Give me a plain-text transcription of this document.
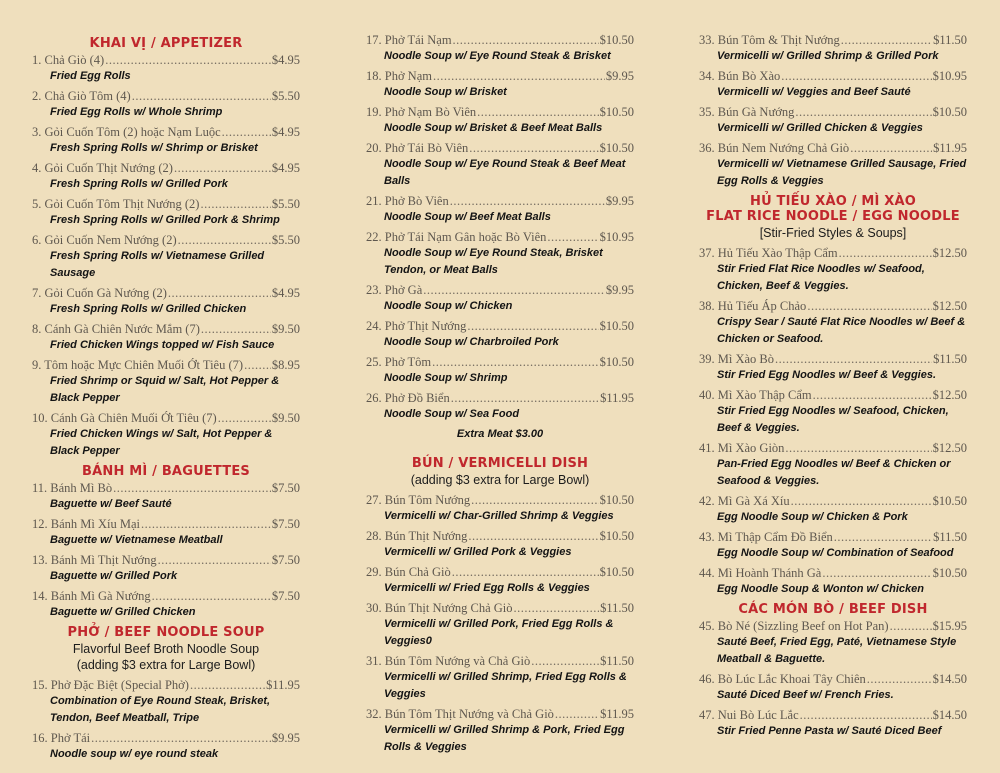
KHAI VỊ / APPETIZER
1. Chả Giò (4) .....	$4.95
Fried Egg Rolls
2. Chả Giò Tôm (4) .....	$5.50
Fried Egg Rolls w/ Whole Shrimp
3. Gỏi Cuốn Tôm (2) hoặc Nạm Luộc .....	$4.95
Fresh Spring Rolls w/ Shrimp or Brisket
4. Gỏi Cuốn Thịt Nướng (2) .....	$4.95
Fresh Spring Rolls w/ Grilled Pork
5. Gỏi Cuốn Tôm Thịt Nướng (2) .....	$5.50
Fresh Spring Rolls w/ Grilled Pork & Shrimp
6. Gỏi Cuốn Nem Nướng (2) .....	$5.50
Fresh Spring Rolls w/ Vietnamese Grilled Sausage
7. Gỏi Cuốn Gà Nướng (2) .....	$4.95
Fresh Spring Rolls w/ Grilled Chicken
8. Cánh Gà Chiên Nước Mắm (7) .....	$9.50
Fried Chicken Wings topped w/ Fish Sauce
9. Tôm hoặc Mực Chiên Muối Ớt Tiêu (7) ..... $8.95
Fried Shrimp or Squid w/ Salt, Hot Pepper & Black Pepper
10. Cánh Gà Chiên Muối Ớt Tiêu (7) .....	$9.50
Fried Chicken Wings w/ Salt, Hot Pepper & Black Pepper
BÁNH MÌ / BAGUETTES
11. Bánh Mì Bò .....	$7.50
Baguette w/ Beef Sauté
12. Bánh Mì Xíu Mại .....	$7.50
Baguette w/ Vietnamese Meatball
13. Bánh Mì Thịt Nướng .....	$7.50
Baguette w/ Grilled Pork
14. Bánh Mì Gà Nướng .....	$7.50
Baguette w/ Grilled Chicken
PHỞ / BEEF NOODLE SOUP
Flavorful Beef Broth Noodle Soup
(adding $3 extra for Large Bowl)
15. Phở Đặc Biệt (Special Phở) .....	$11.95
Combination of Eye Round Steak, Brisket, Tendon, Beef Meatball, Tripe
16. Phở Tái .....	$9.95
Noodle soup w/ eye round steak
17. Phở Tái Nạm .....	$10.50
Noodle Soup w/ Eye Round Steak & Brisket
18. Phở Nạm .....	$9.95
Noodle Soup w/ Brisket
19. Phở Nạm Bò Viên .....	$10.50
Noodle Soup w/ Brisket & Beef Meat Balls
20. Phở Tái Bò Viên .....	$10.50
Noodle Soup w/ Eye Round Steak & Beef Meat Balls
21. Phở Bò Viên .....	$9.95
Noodle Soup w/ Beef Meat Balls
22. Phở Tái Nạm Gân hoặc Bò Viên .....	$10.95
Noodle Soup w/ Eye Round Steak, Brisket Tendon, or Meat Balls
23. Phở Gà .....	$9.95
Noodle Soup w/ Chicken
24. Phở Thịt Nướng .....	$10.50
Noodle Soup w/ Charbroiled Pork
25. Phở Tôm .....	$10.50
Noodle Soup w/ Shrimp
26. Phở Đồ Biển .....	$11.95
Noodle Soup w/ Sea Food
Extra Meat $3.00
BÚN / VERMICELLI DISH
(adding $3 extra for Large Bowl)
27. Bún Tôm Nướng .....	$10.50
Vermicelli w/ Char-Grilled Shrimp & Veggies
28. Bún Thịt Nướng .....	$10.50
Vermicelli w/ Grilled Pork & Veggies
29. Bún Chả Giò .....	$10.50
Vermicelli w/ Fried Egg Rolls & Veggies
30. Bún Thịt Nướng Chả Giò .....	$11.50
Vermicelli w/ Grilled Pork, Fried Egg Rolls & Veggies0
31. Bún Tôm Nướng và Chả Giò .....	$11.50
Vermicelli w/ Grilled Shrimp, Fried Egg Rolls & Veggies
32. Bún Tôm Thịt Nướng và Chả Giò .....	$11.95
Vermicelli w/ Grilled Shrimp & Pork, Fried Egg Rolls & Veggies
33. Bún Tôm & Thịt Nướng .....	$11.50
Vermicelli w/ Grilled Shrimp & Grilled Pork
34. Bún Bò Xào .....	$10.95
Vermicelli w/ Veggies and Beef Sauté
35. Bún Gà Nướng .....	$10.50
Vermicelli w/ Grilled Chicken & Veggies
36. Bún Nem Nướng Chả Giò .....	$11.95
Vermicelli w/ Vietnamese Grilled Sausage, Fried Egg Rolls & Veggies
HỦ TIẾU XÀO / MÌ XÀO
FLAT RICE NOODLE / EGG NOODLE
[Stir-Fried Styles & Soups]
37. Hủ Tiếu Xào Thập Cẩm .....	$12.50
Stir Fried Flat Rice Noodles w/ Seafood, Chicken, Beef & Veggies.
38. Hủ Tiếu Áp Chảo .....	$12.50
Crispy Sear / Sauté Flat Rice Noodles w/ Beef & Chicken or Seafood.
39. Mì Xào Bò .....	$11.50
Stir Fried Egg Noodles w/ Beef & Veggies.
40. Mì Xào Thập Cẩm .....	$12.50
Stir Fried Egg Noodles w/ Seafood, Chicken, Beef & Veggies.
41. Mì Xào Giòn .....	$12.50
Pan-Fried Egg Noodles w/ Beef & Chicken or Seafood & Veggies.
42. Mì Gà Xá Xíu .....	$10.50
Egg Noodle Soup w/ Chicken & Pork
43. Mì Thập Cẩm Đồ Biển .....	$11.50
Egg Noodle Soup w/ Combination of Seafood
44. Mì Hoành Thánh Gà .....	$10.50
Egg Noodle Soup & Wonton w/ Chicken
CÁC MÓN BÒ / BEEF DISH
45. Bò Né (Sizzling Beef on Hot Pan) .....	$15.95
Sauté Beef, Fried Egg, Paté, Vietnamese Style Meatball & Baguette.
46. Bò Lúc Lắc Khoai Tây Chiên .....	$14.50
Sauté Diced Beef w/ French Fries.
47. Nui Bò Lúc Lắc .....	$14.50
Stir Fried Penne Pasta w/ Sauté Diced Beef
